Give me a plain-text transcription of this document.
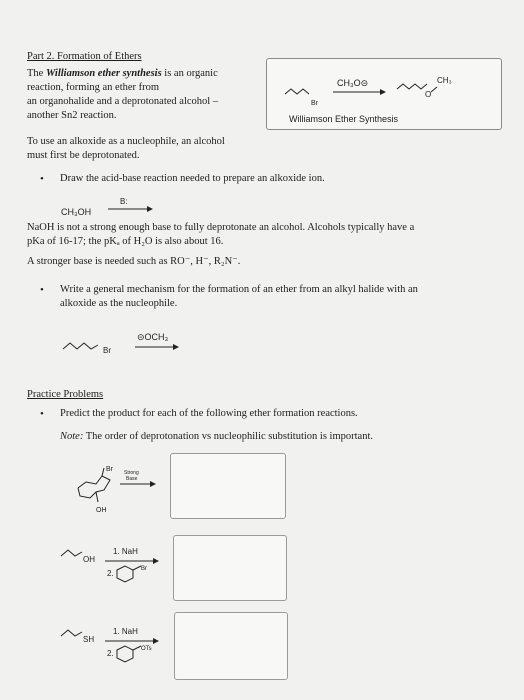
Part 2. Formation of Ethers
The Williamson ether synthesis is an organic
reaction, forming an ether from
an organohalide and a deprotonated alcohol –
another Sn2 reaction.
Br
CH₃O⊝
O
CH₃
Williamson Ether Synthesis
To use an alkoxide as a nucleophile, an alcohol
must first be deprotonated.
• Draw the acid-base reaction needed to prepare an alkoxide ion.
CH₃OH
B:
NaOH is not a strong enough base to fully deprotonate an alcohol. Alcohols typically have a
pKa of 16-17; the pKₐ of H₂O is also about 16.
A stronger base is needed such as RO⁻, H⁻, R₂N⁻.
• Write a general mechanism for the formation of an ether from an alkyl halide with an
alkoxide as the nucleophile.
Br
⊝OCH₃
Practice Problems
• Predict the product for each of the following ether formation reactions.
Note: The order of deprotonation vs nucleophilic substitution is important.
Br
OH
Strong
Base
OH
1. NaH
2.	Br
SH
1. NaH
2.	OTs
